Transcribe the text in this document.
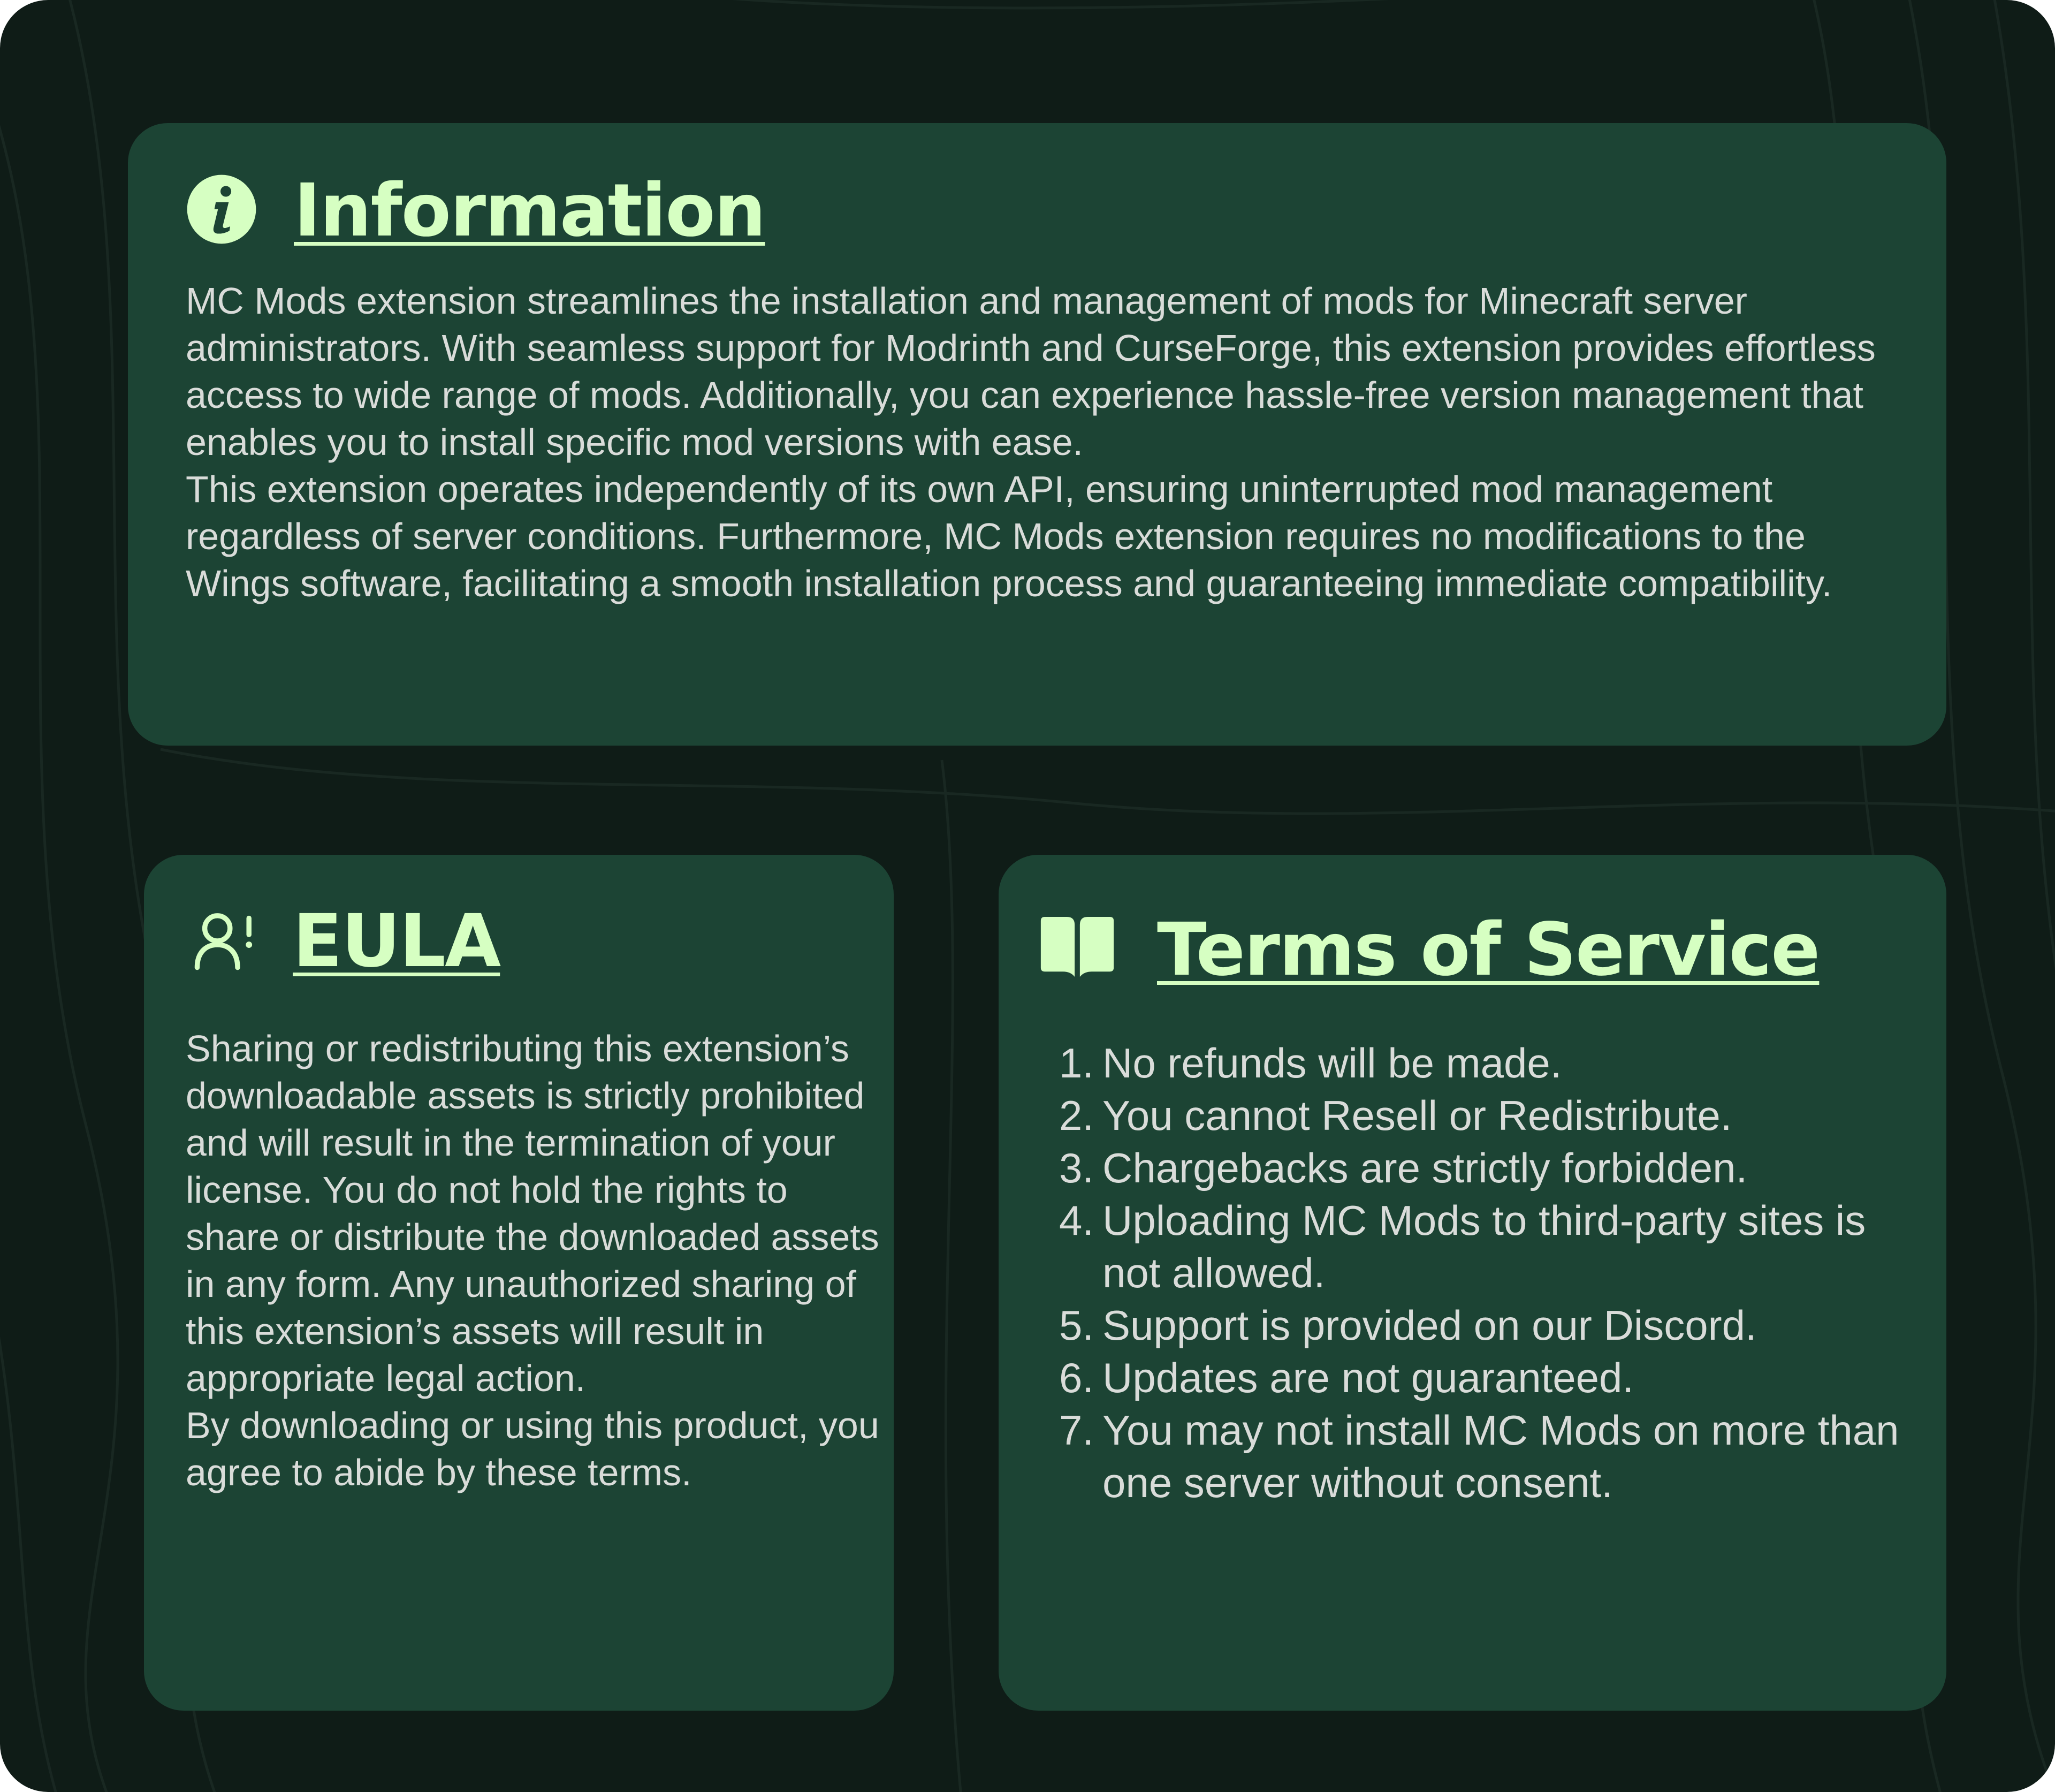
Information

MC Mods extension streamlines the installation and management of mods for Minecraft server administrators. With seamless support for Modrinth and CurseForge, this extension provides effortless access to wide range of mods. Additionally, you can experience hassle-free version management that enables you to install specific mod versions with ease.

This extension operates independently of its own API, ensuring uninterrupted mod management regardless of server conditions. Furthermore, MC Mods extension requires no modifications to the Wings software, facilitating a smooth installation process and guaranteeing immediate compatibility.

EULA

Sharing or redistributing this extension’s downloadable assets is strictly prohibited and will result in the termination of your license. You do not hold the rights to share or distribute the downloaded assets in any form. Any unauthorized sharing of this extension’s assets will result in appropriate legal action.

By downloading or using this product, you agree to abide by these terms.

Terms of Service
1. No refunds will be made.
2. You cannot Resell or Redistribute.
3. Chargebacks are strictly forbidden.
4. Uploading MC Mods to third-party sites is not allowed.
5. Support is provided on our Discord.
6. Updates are not guaranteed.
7. You may not install MC Mods on more than one server without consent.
